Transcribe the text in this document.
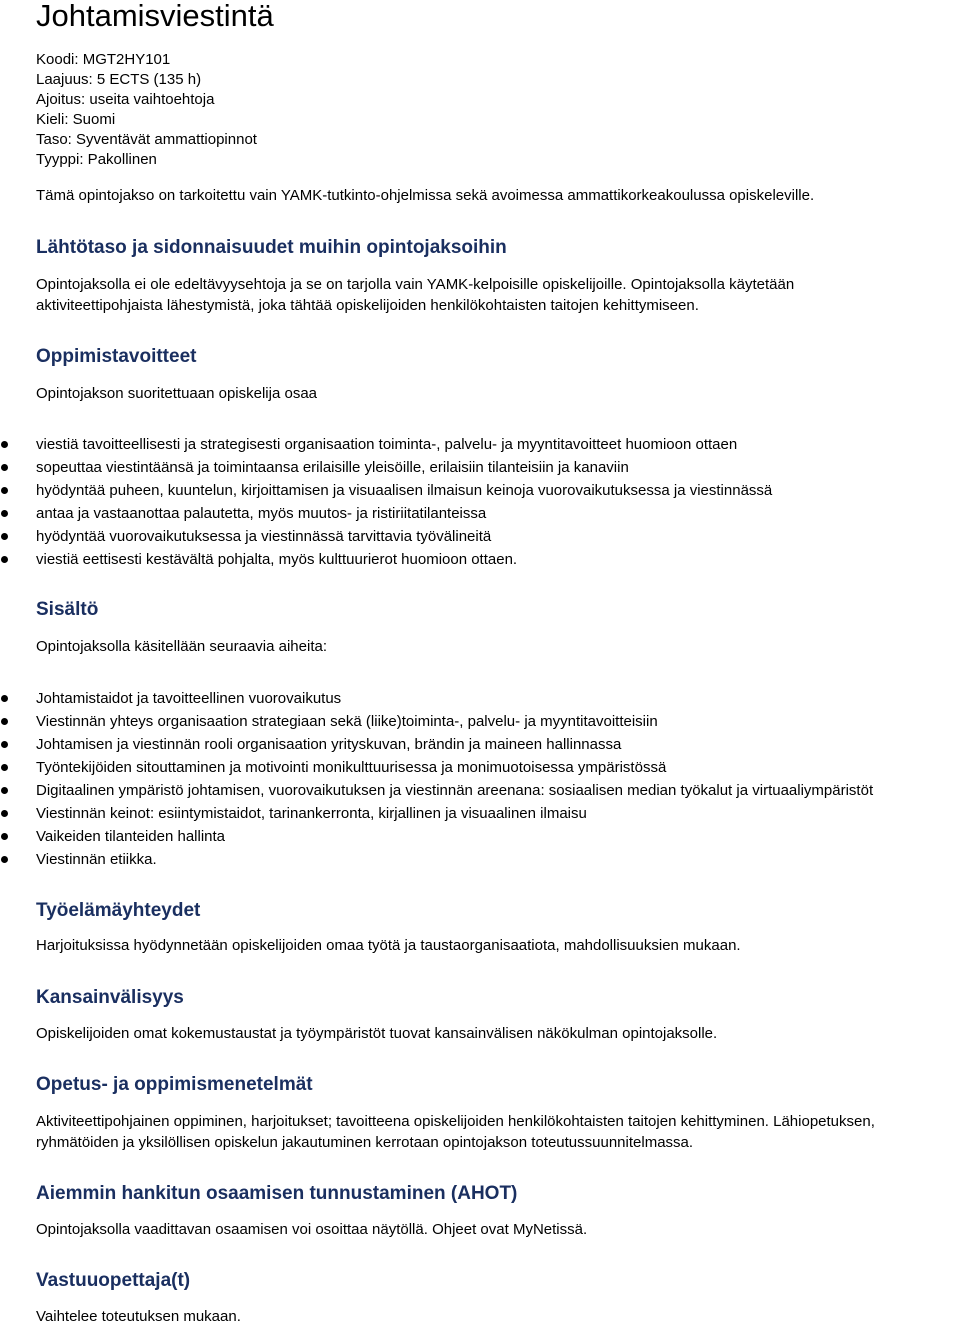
Johtamisviestintä
Koodi: MGT2HY101
Laajuus: 5 ECTS (135 h)
Ajoitus: useita vaihtoehtoja
Kieli: Suomi
Taso: Syventävät ammattiopinnot
Tyyppi: Pakollinen

Tämä opintojakso on tarkoitettu vain YAMK-tutkinto-ohjelmissa sekä avoimessa ammattikorkeakoulussa opiskeleville.

Lähtötaso ja sidonnaisuudet muihin opintojaksoihin
Opintojaksolla ei ole edeltävyysehtoja ja se on tarjolla vain YAMK-kelpoisille opiskelijoille. Opintojaksolla käytetään
aktiviteettipohjaista lähestymistä, joka tähtää opiskelijoiden henkilökohtaisten taitojen kehittymiseen.
Oppimistavoitteet

Opintojakson suoritettuaan opiskelija osaa

viestiä tavoitteellisesti ja strategisesti organisaation toiminta-, palvelu- ja myyntitavoitteet huomioon ottaen
sopeuttaa viestintäänsä ja toimintaansa erilaisille yleisöille, erilaisiin tilanteisiin ja kanaviin
hyödyntää puheen, kuuntelun, kirjoittamisen ja visuaalisen ilmaisun keinoja vuorovaikutuksessa ja viestinnässä
antaa ja vastaanottaa palautetta, myös muutos- ja ristiriitatilanteissa
hyödyntää vuorovaikutuksessa ja viestinnässä tarvittavia työvälineitä
viestiä eettisesti kestävältä pohjalta, myös kulttuurierot huomioon ottaen.
Sisältö

Opintojaksolla käsitellään seuraavia aiheita:

Johtamistaidot ja tavoitteellinen vuorovaikutus
Viestinnän yhteys organisaation strategiaan sekä (liike)toiminta-, palvelu- ja myyntitavoitteisiin
Johtamisen ja viestinnän rooli organisaation yrityskuvan, brändin ja maineen hallinnassa
Työntekijöiden sitouttaminen ja motivointi monikulttuurisessa ja monimuotoisessa ympäristössä
Digitaalinen ympäristö johtamisen, vuorovaikutuksen ja viestinnän areenana: sosiaalisen median työkalut ja virtuaaliympäristöt
Viestinnän keinot: esiintymistaidot, tarinankerronta, kirjallinen ja visuaalinen ilmaisu
Vaikeiden tilanteiden hallinta
Viestinnän etiikka.
Työelämäyhteydet

Harjoituksissa hyödynnetään opiskelijoiden omaa työtä ja taustaorganisaatiota, mahdollisuuksien mukaan.

Kansainvälisyys

Opiskelijoiden omat kokemustaustat ja työympäristöt tuovat kansainvälisen näkökulman opintojaksolle.

Opetus- ja oppimismenetelmät
Aktiviteettipohjainen oppiminen, harjoitukset; tavoitteena opiskelijoiden henkilökohtaisten taitojen kehittyminen. Lähiopetuksen,
ryhmätöiden ja yksilöllisen opiskelun jakautuminen kerrotaan opintojakson toteutussuunnitelmassa.
Aiemmin hankitun osaamisen tunnustaminen (AHOT)

Opintojaksolla vaadittavan osaamisen voi osoittaa näytöllä. Ohjeet ovat MyNetissä.

Vastuuopettaja(t)

Vaihtelee toteutuksen mukaan.
